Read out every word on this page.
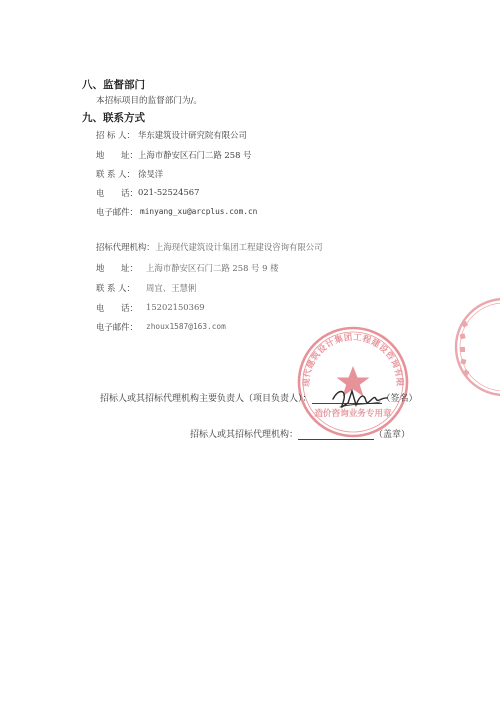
八、监督部门
本招标项目的监督部门为/。
九、联系方式
招 标 人： 华东建筑设计研究院有限公司
地　　址： 上海市静安区石门二路 258 号
联 系 人： 徐旻洋
电　　话： 021-52524567
电子邮件： minyang_xu@arcplus.com.cn
招标代理机构： 上海现代建筑设计集团工程建设咨询有限公司
地　　址： 上海市静安区石门二路 258 号 9 楼
联 系 人： 周宜、王慧俐
电　　话： 15202150369
电子邮件： zhoux1587@163.com
上海现代建筑设计集团工程建设咨询有限公司
造价咨询业务专用章
招标人或其招标代理机构主要负责人（项目负责人）：	（签名）
招标人或其招标代理机构：	（盖章）
